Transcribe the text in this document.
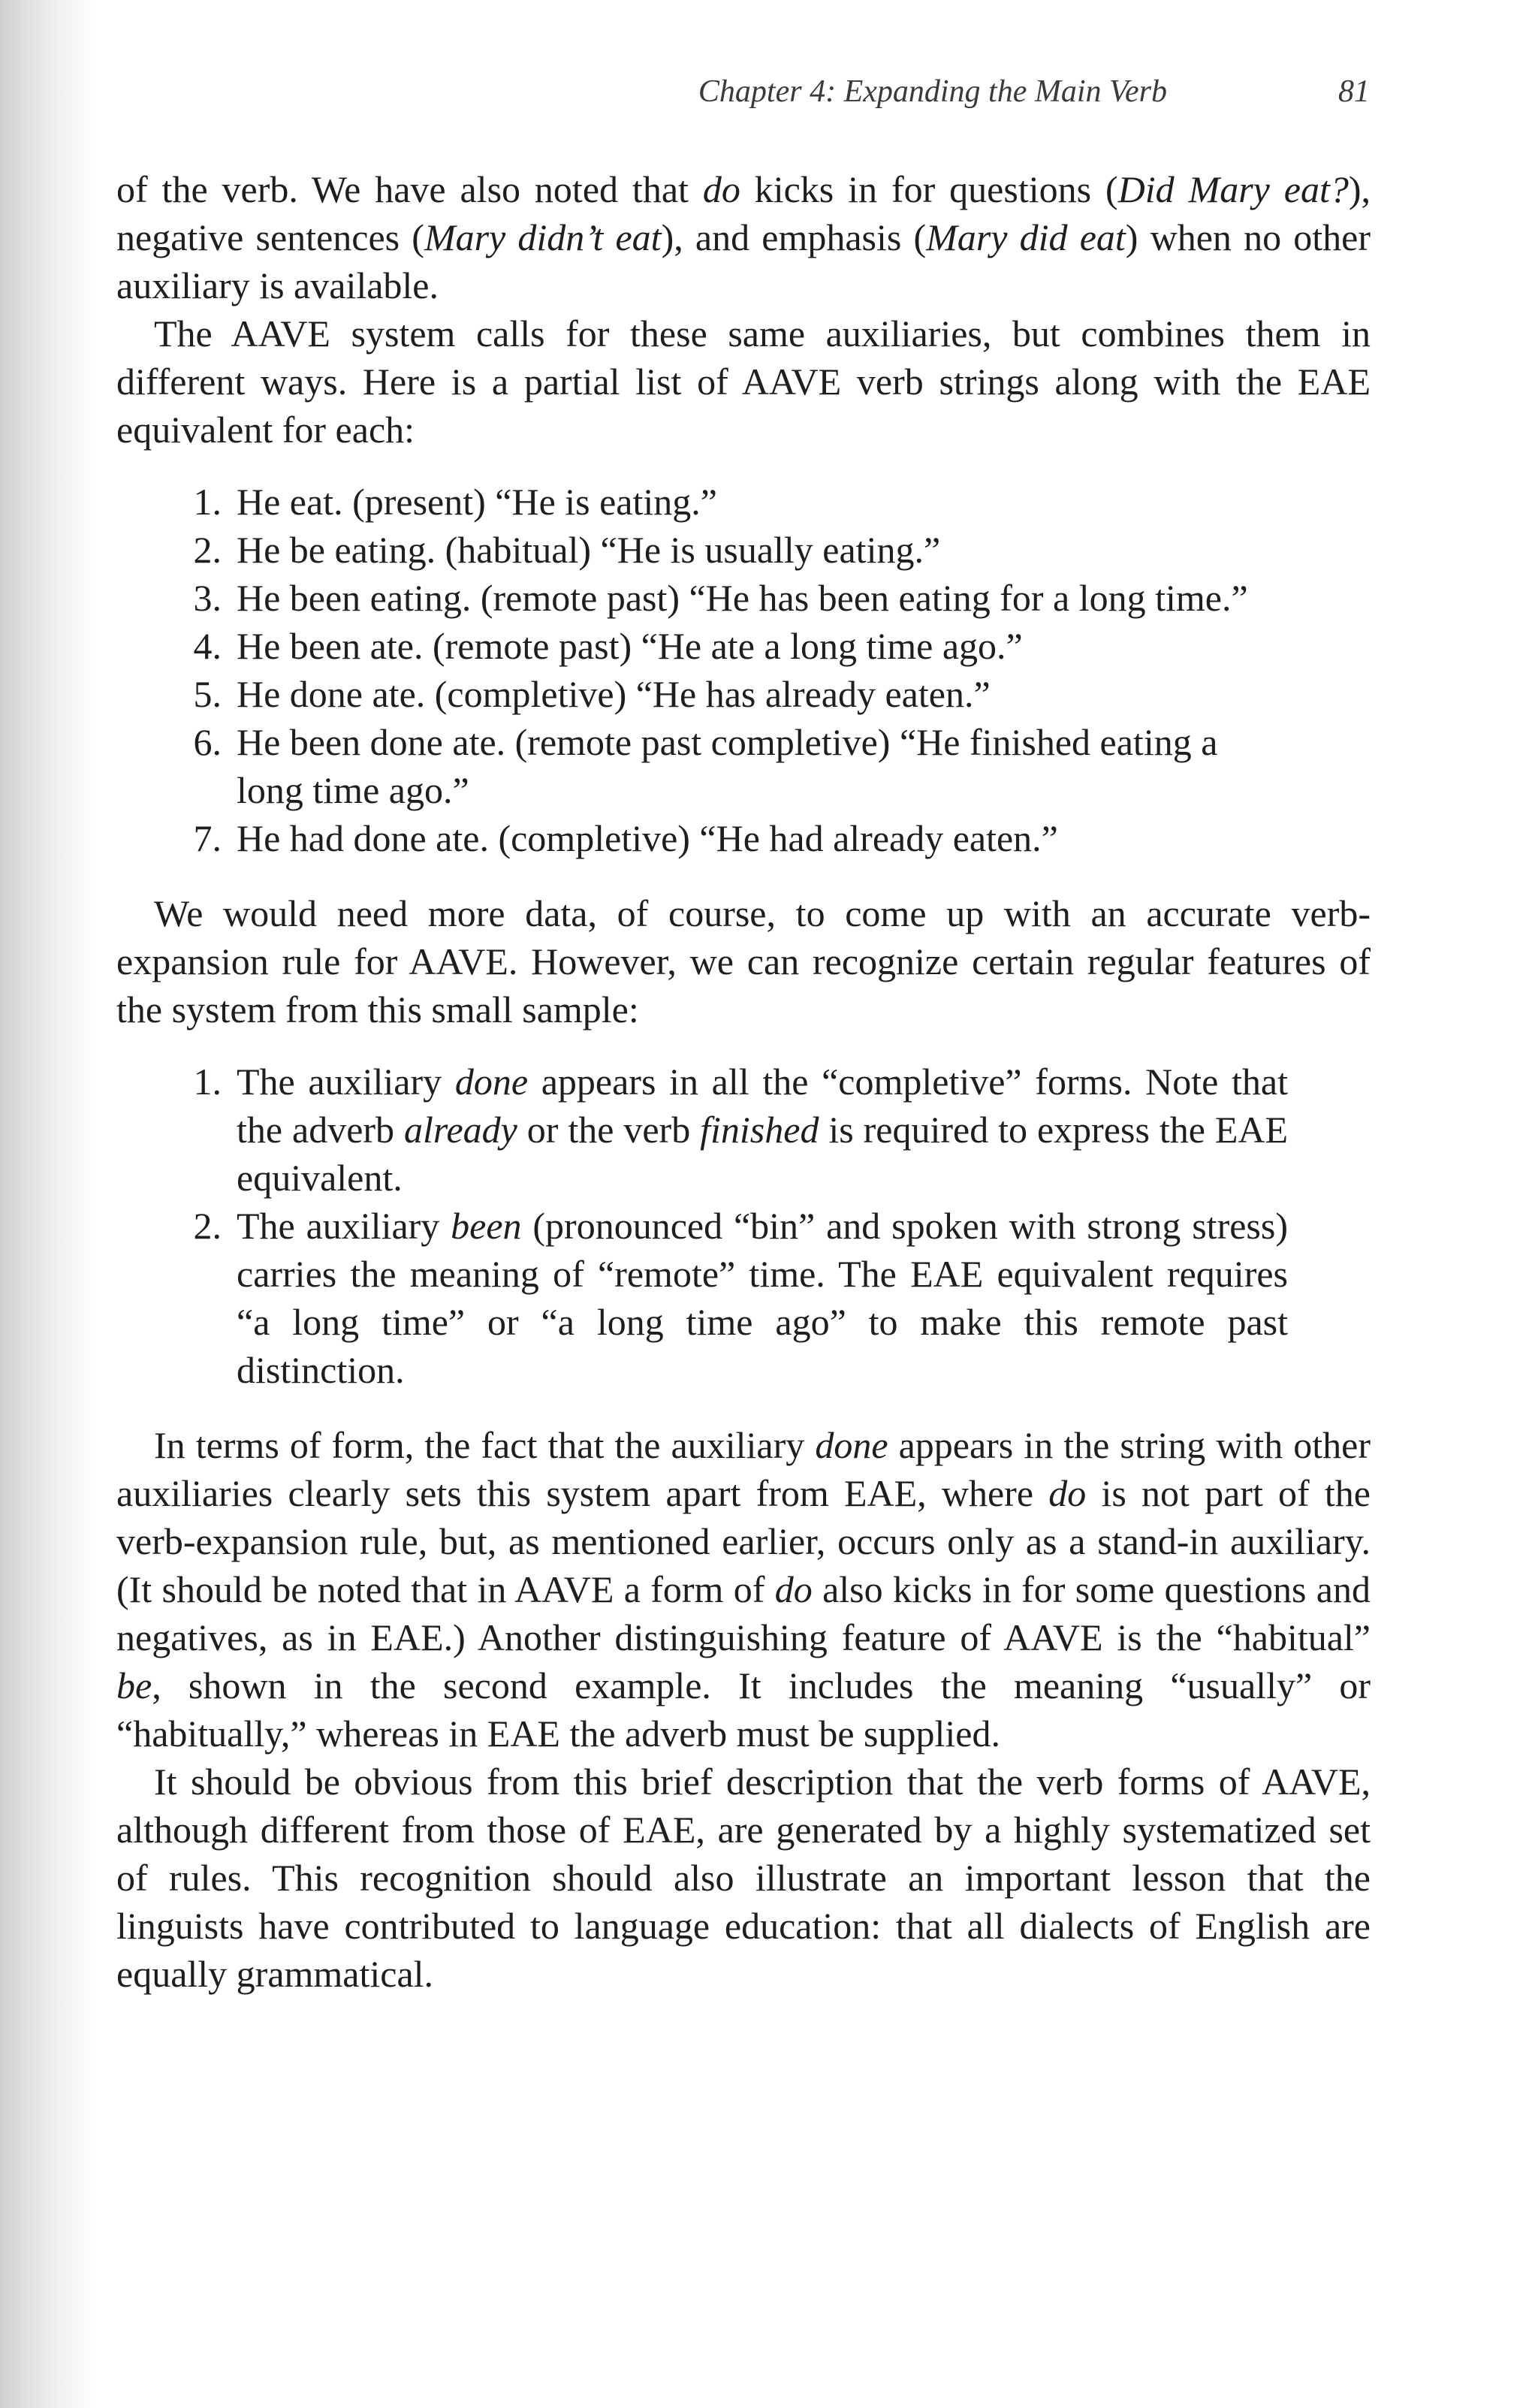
Chapter 4: Expanding the Main Verb	81

of the verb. We have also noted that do kicks in for questions (Did Mary eat?), negative sentences (Mary didn’t eat), and emphasis (Mary did eat) when no other auxiliary is available.

The AAVE system calls for these same auxiliaries, but combines them in different ways. Here is a partial list of AAVE verb strings along with the EAE equivalent for each:

1 . He eat. (present) “He is eating.”
2 . He be eating. (habitual) “He is usually eating.”
3 . He been eating. (remote past) “He has been eating for a long time.”
4 . He been ate. (remote past) “He ate a long time ago.”
5 . He done ate. (completive) “He has already eaten.”
6 . He been done ate. (remote past completive) “He finished eating a long time ago.”
7 . He had done ate. (completive) “He had already eaten.”

We would need more data, of course, to come up with an accurate verb-expansion rule for AAVE. However, we can recognize certain regular features of the system from this small sample:

1 . The auxiliary done appears in all the “completive” forms. Note that the adverb already or the verb finished is required to express the EAE equivalent.
2 . The auxiliary been (pronounced “bin” and spoken with strong stress) carries the meaning of “remote” time. The EAE equivalent requires “a long time” or “a long time ago” to make this remote past distinction.

In terms of form, the fact that the auxiliary done appears in the string with other auxiliaries clearly sets this system apart from EAE, where do is not part of the verb-expansion rule, but, as mentioned earlier, occurs only as a stand-in auxiliary. (It should be noted that in AAVE a form of do also kicks in for some questions and negatives, as in EAE.) Another distinguishing feature of AAVE is the “habitual” be, shown in the second example. It includes the meaning “usually” or “habitually,” whereas in EAE the adverb must be supplied.

It should be obvious from this brief description that the verb forms of AAVE, although different from those of EAE, are generated by a highly systematized set of rules. This recognition should also illustrate an important lesson that the linguists have contributed to language education: that all dialects of English are equally grammatical.
